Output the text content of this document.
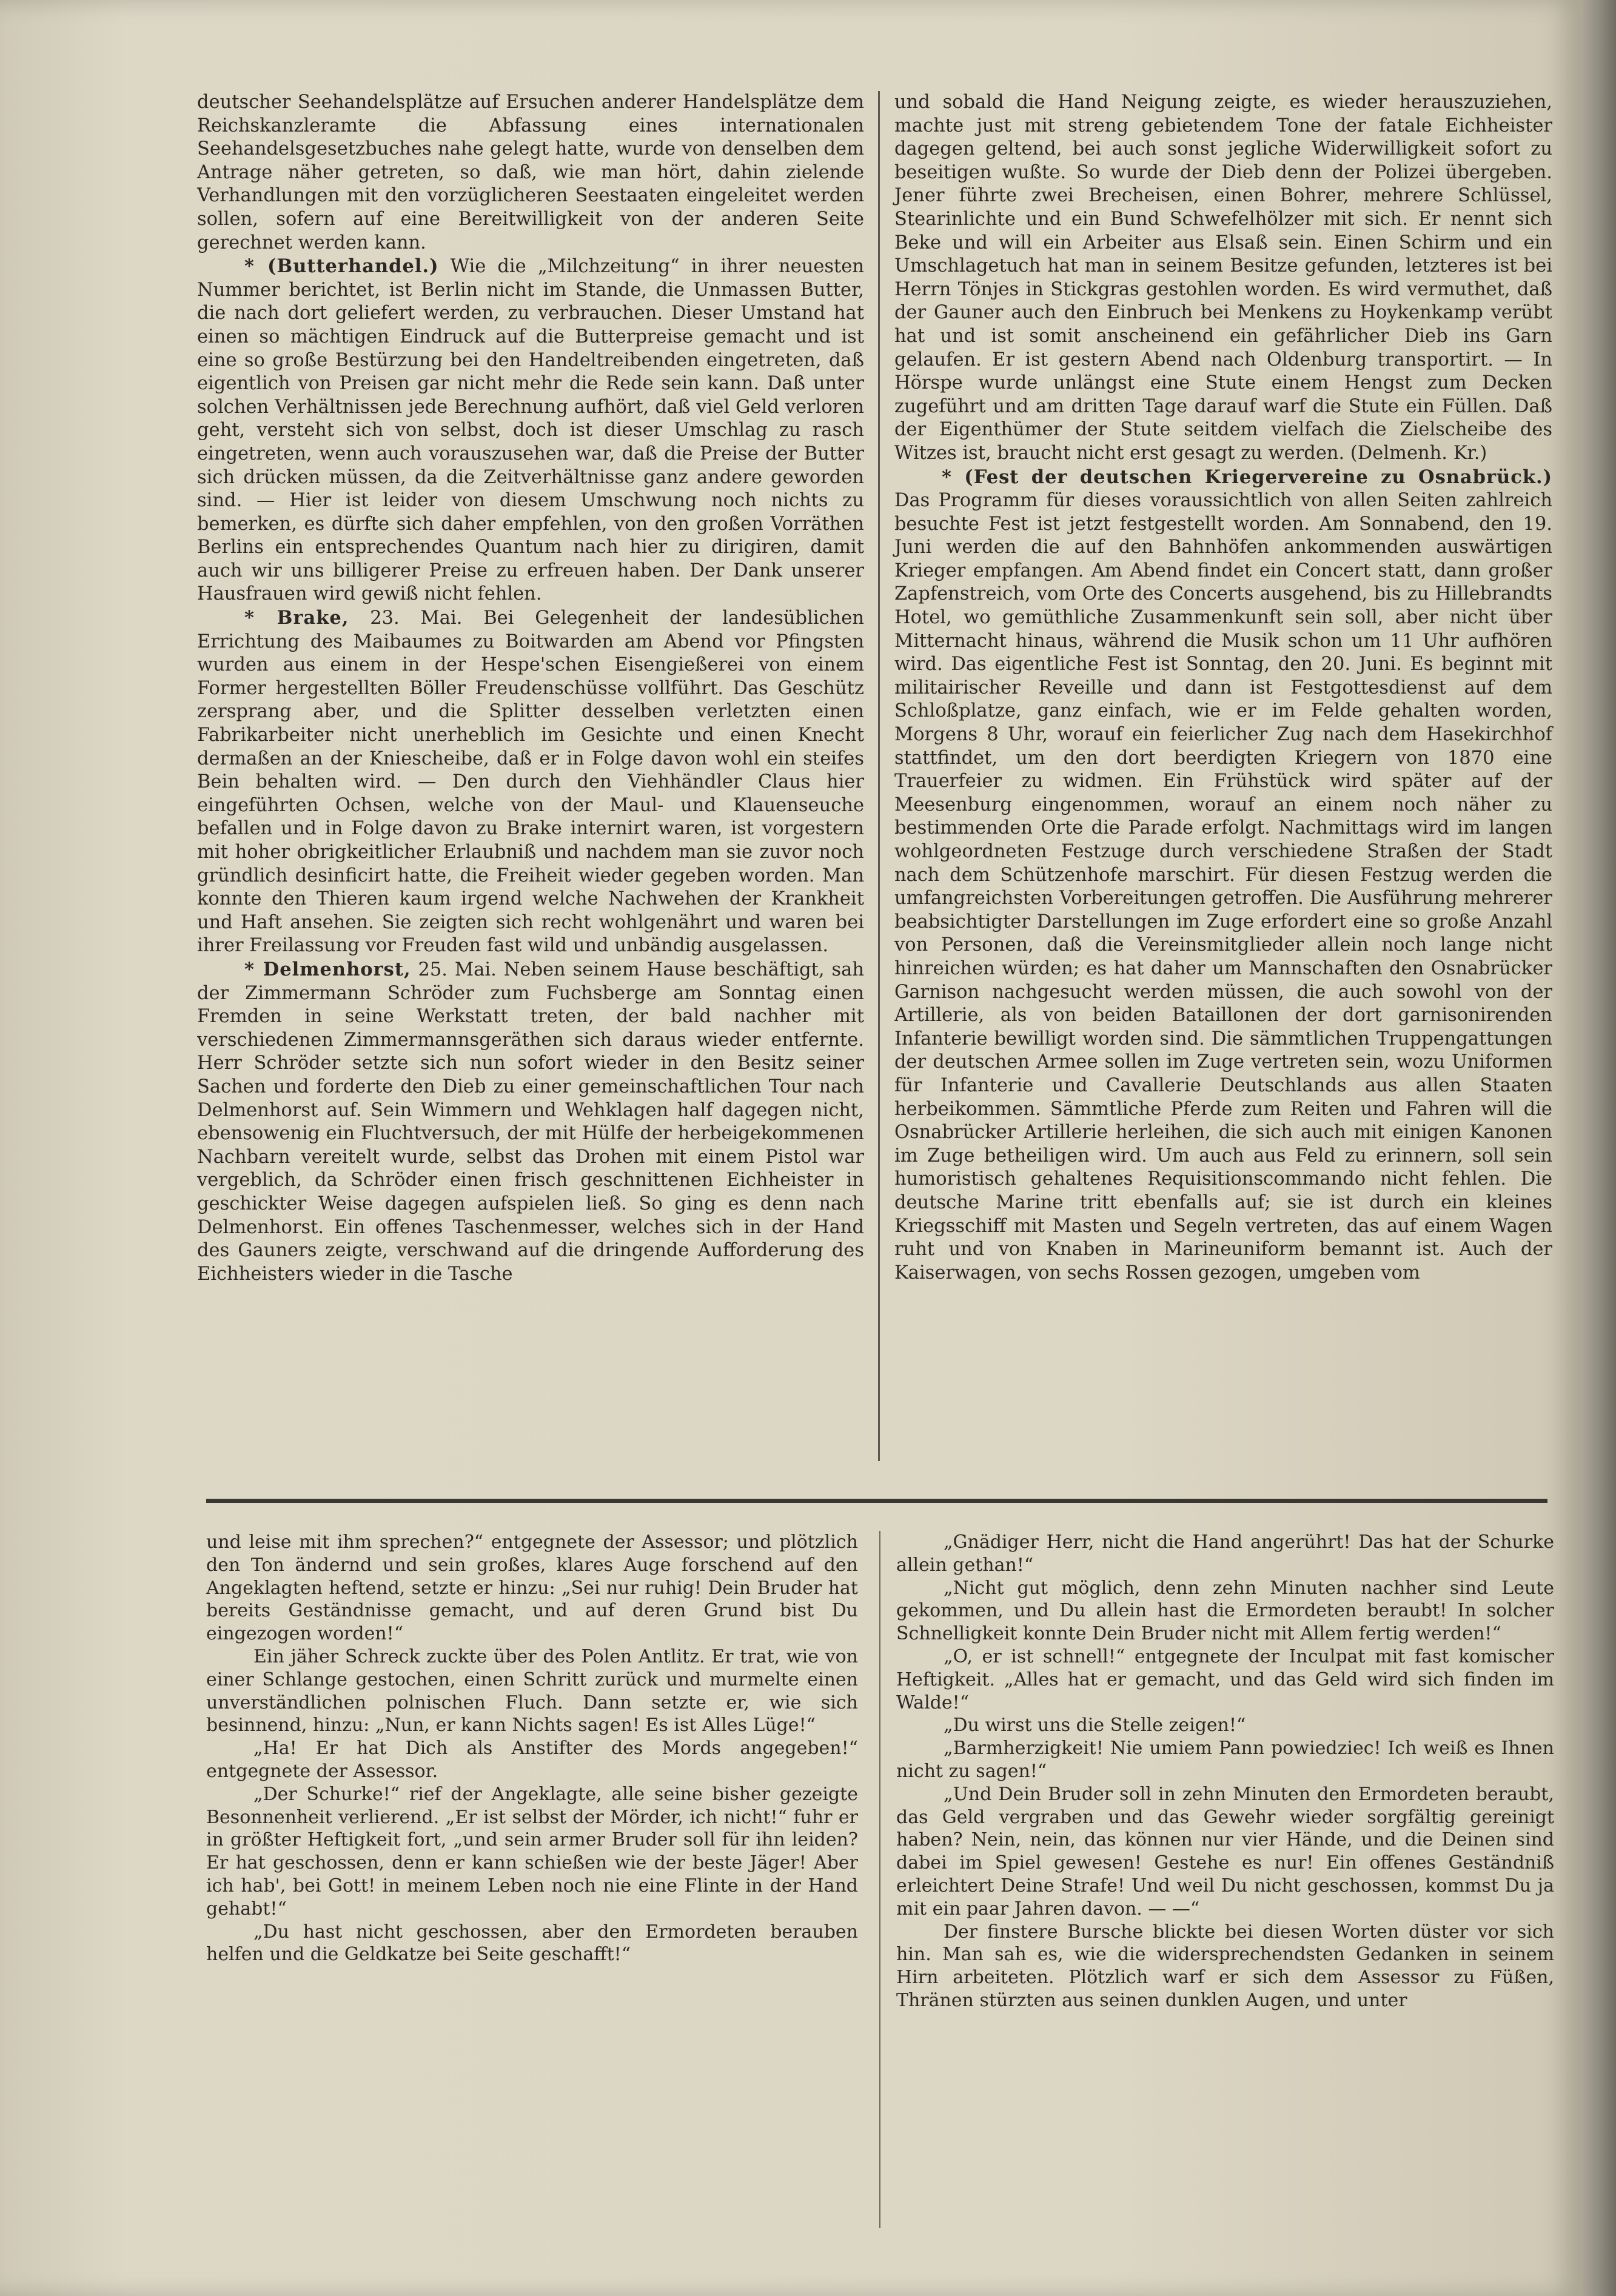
deutscher Seehandelsplätze auf Ersuchen anderer Handelsplätze dem Reichskanzleramte die Abfassung eines internationalen Seehandelsgesetzbuches nahe gelegt hatte, wurde von denselben dem Antrage näher getreten, so daß, wie man hört, dahin zielende Verhandlungen mit den vorzüglicheren Seestaaten eingeleitet werden sollen, sofern auf eine Bereitwilligkeit von der anderen Seite gerechnet werden kann.

* (Butterhandel.) Wie die „Milchzeitung“ in ihrer neuesten Nummer berichtet, ist Berlin nicht im Stande, die Unmassen Butter, die nach dort geliefert werden, zu verbrauchen. Dieser Umstand hat einen so mächtigen Eindruck auf die Butterpreise gemacht und ist eine so große Bestürzung bei den Handeltreibenden eingetreten, daß eigentlich von Preisen gar nicht mehr die Rede sein kann. Daß unter solchen Verhältnissen jede Berechnung aufhört, daß viel Geld verloren geht, versteht sich von selbst, doch ist dieser Umschlag zu rasch eingetreten, wenn auch vorauszusehen war, daß die Preise der Butter sich drücken müssen, da die Zeitverhältnisse ganz andere geworden sind. — Hier ist leider von diesem Umschwung noch nichts zu bemerken, es dürfte sich daher empfehlen, von den großen Vorräthen Berlins ein entsprechendes Quantum nach hier zu dirigiren, damit auch wir uns billigerer Preise zu erfreuen haben. Der Dank unserer Hausfrauen wird gewiß nicht fehlen.

* Brake, 23. Mai. Bei Gelegenheit der landesüblichen Errichtung des Maibaumes zu Boitwarden am Abend vor Pfingsten wurden aus einem in der Hespe'schen Eisengießerei von einem Former hergestellten Böller Freudenschüsse vollführt. Das Geschütz zersprang aber, und die Splitter desselben verletzten einen Fabrikarbeiter nicht unerheblich im Gesichte und einen Knecht dermaßen an der Kniescheibe, daß er in Folge davon wohl ein steifes Bein behalten wird. — Den durch den Viehhändler Claus hier eingeführten Ochsen, welche von der Maul- und Klauenseuche befallen und in Folge davon zu Brake internirt waren, ist vorgestern mit hoher obrigkeitlicher Erlaubniß und nachdem man sie zuvor noch gründlich desinficirt hatte, die Freiheit wieder gegeben worden. Man konnte den Thieren kaum irgend welche Nachwehen der Krankheit und Haft ansehen. Sie zeigten sich recht wohlgenährt und waren bei ihrer Freilassung vor Freuden fast wild und unbändig ausgelassen.

* Delmenhorst, 25. Mai. Neben seinem Hause beschäftigt, sah der Zimmermann Schröder zum Fuchsberge am Sonntag einen Fremden in seine Werkstatt treten, der bald nachher mit verschiedenen Zimmermannsgeräthen sich daraus wieder entfernte. Herr Schröder setzte sich nun sofort wieder in den Besitz seiner Sachen und forderte den Dieb zu einer gemeinschaftlichen Tour nach Delmenhorst auf. Sein Wimmern und Wehklagen half dagegen nicht, ebensowenig ein Fluchtversuch, der mit Hülfe der herbeigekommenen Nachbarn vereitelt wurde, selbst das Drohen mit einem Pistol war vergeblich, da Schröder einen frisch geschnittenen Eichheister in geschickter Weise dagegen aufspielen ließ. So ging es denn nach Delmenhorst. Ein offenes Taschenmesser, welches sich in der Hand des Gauners zeigte, verschwand auf die dringende Aufforderung des Eichheisters wieder in die Tasche

und sobald die Hand Neigung zeigte, es wieder herauszuziehen, machte just mit streng gebietendem Tone der fatale Eichheister dagegen geltend, bei auch sonst jegliche Widerwilligkeit sofort zu beseitigen wußte. So wurde der Dieb denn der Polizei übergeben. Jener führte zwei Brecheisen, einen Bohrer, mehrere Schlüssel, Stearinlichte und ein Bund Schwefelhölzer mit sich. Er nennt sich Beke und will ein Arbeiter aus Elsaß sein. Einen Schirm und ein Umschlagetuch hat man in seinem Besitze gefunden, letzteres ist bei Herrn Tönjes in Stickgras gestohlen worden. Es wird vermuthet, daß der Gauner auch den Einbruch bei Menkens zu Hoykenkamp verübt hat und ist somit anscheinend ein gefährlicher Dieb ins Garn gelaufen. Er ist gestern Abend nach Oldenburg transportirt. — In Hörspe wurde unlängst eine Stute einem Hengst zum Decken zugeführt und am dritten Tage darauf warf die Stute ein Füllen. Daß der Eigenthümer der Stute seitdem vielfach die Zielscheibe des Witzes ist, braucht nicht erst gesagt zu werden. (Delmenh. Kr.)

* (Fest der deutschen Kriegervereine zu Osnabrück.) Das Programm für dieses voraussichtlich von allen Seiten zahlreich besuchte Fest ist jetzt festgestellt worden. Am Sonnabend, den 19. Juni werden die auf den Bahnhöfen ankommenden auswärtigen Krieger empfangen. Am Abend findet ein Concert statt, dann großer Zapfenstreich, vom Orte des Concerts ausgehend, bis zu Hillebrandts Hotel, wo gemüthliche Zusammenkunft sein soll, aber nicht über Mitternacht hinaus, während die Musik schon um 11 Uhr aufhören wird. Das eigentliche Fest ist Sonntag, den 20. Juni. Es beginnt mit militairischer Reveille und dann ist Festgottesdienst auf dem Schloßplatze, ganz einfach, wie er im Felde gehalten worden, Morgens 8 Uhr, worauf ein feierlicher Zug nach dem Hasekirchhof stattfindet, um den dort beerdigten Kriegern von 1870 eine Trauerfeier zu widmen. Ein Frühstück wird später auf der Meesenburg eingenommen, worauf an einem noch näher zu bestimmenden Orte die Parade erfolgt. Nachmittags wird im langen wohlgeordneten Festzuge durch verschiedene Straßen der Stadt nach dem Schützenhofe marschirt. Für diesen Festzug werden die umfangreichsten Vorbereitungen getroffen. Die Ausführung mehrerer beabsichtigter Darstellungen im Zuge erfordert eine so große Anzahl von Personen, daß die Vereinsmitglieder allein noch lange nicht hinreichen würden; es hat daher um Mannschaften den Osnabrücker Garnison nachgesucht werden müssen, die auch sowohl von der Artillerie, als von beiden Bataillonen der dort garnisonirenden Infanterie bewilligt worden sind. Die sämmtlichen Truppengattungen der deutschen Armee sollen im Zuge vertreten sein, wozu Uniformen für Infanterie und Cavallerie Deutschlands aus allen Staaten herbeikommen. Sämmtliche Pferde zum Reiten und Fahren will die Osnabrücker Artillerie herleihen, die sich auch mit einigen Kanonen im Zuge betheiligen wird. Um auch aus Feld zu erinnern, soll sein humoristisch gehaltenes Requisitionscommando nicht fehlen. Die deutsche Marine tritt ebenfalls auf; sie ist durch ein kleines Kriegsschiff mit Masten und Segeln vertreten, das auf einem Wagen ruht und von Knaben in Marineuniform bemannt ist. Auch der Kaiserwagen, von sechs Rossen gezogen, umgeben vom

und leise mit ihm sprechen?“ entgegnete der Assessor; und plötzlich den Ton ändernd und sein großes, klares Auge forschend auf den Angeklagten heftend, setzte er hinzu: „Sei nur ruhig! Dein Bruder hat bereits Geständnisse gemacht, und auf deren Grund bist Du eingezogen worden!“

Ein jäher Schreck zuckte über des Polen Antlitz. Er trat, wie von einer Schlange gestochen, einen Schritt zurück und murmelte einen unverständlichen polnischen Fluch. Dann setzte er, wie sich besinnend, hinzu: „Nun, er kann Nichts sagen! Es ist Alles Lüge!“

„Ha! Er hat Dich als Anstifter des Mords angegeben!“ entgegnete der Assessor.

„Der Schurke!“ rief der Angeklagte, alle seine bisher gezeigte Besonnenheit verlierend. „Er ist selbst der Mörder, ich nicht!“ fuhr er in größter Heftigkeit fort, „und sein armer Bruder soll für ihn leiden? Er hat geschossen, denn er kann schießen wie der beste Jäger! Aber ich hab', bei Gott! in meinem Leben noch nie eine Flinte in der Hand gehabt!“

„Du hast nicht geschossen, aber den Ermordeten berauben helfen und die Geldkatze bei Seite geschafft!“

„Gnädiger Herr, nicht die Hand angerührt! Das hat der Schurke allein gethan!“

„Nicht gut möglich, denn zehn Minuten nachher sind Leute gekommen, und Du allein hast die Ermordeten beraubt! In solcher Schnelligkeit konnte Dein Bruder nicht mit Allem fertig werden!“

„O, er ist schnell!“ entgegnete der Inculpat mit fast komischer Heftigkeit. „Alles hat er gemacht, und das Geld wird sich finden im Walde!“

„Du wirst uns die Stelle zeigen!“

„Barmherzigkeit! Nie umiem Pann powiedziec! Ich weiß es Ihnen nicht zu sagen!“

„Und Dein Bruder soll in zehn Minuten den Ermordeten beraubt, das Geld vergraben und das Gewehr wieder sorgfältig gereinigt haben? Nein, nein, das können nur vier Hände, und die Deinen sind dabei im Spiel gewesen! Gestehe es nur! Ein offenes Geständniß erleichtert Deine Strafe! Und weil Du nicht geschossen, kommst Du ja mit ein paar Jahren davon. — —“

Der finstere Bursche blickte bei diesen Worten düster vor sich hin. Man sah es, wie die widersprechendsten Gedanken in seinem Hirn arbeiteten. Plötzlich warf er sich dem Assessor zu Füßen, Thränen stürzten aus seinen dunklen Augen, und unter
